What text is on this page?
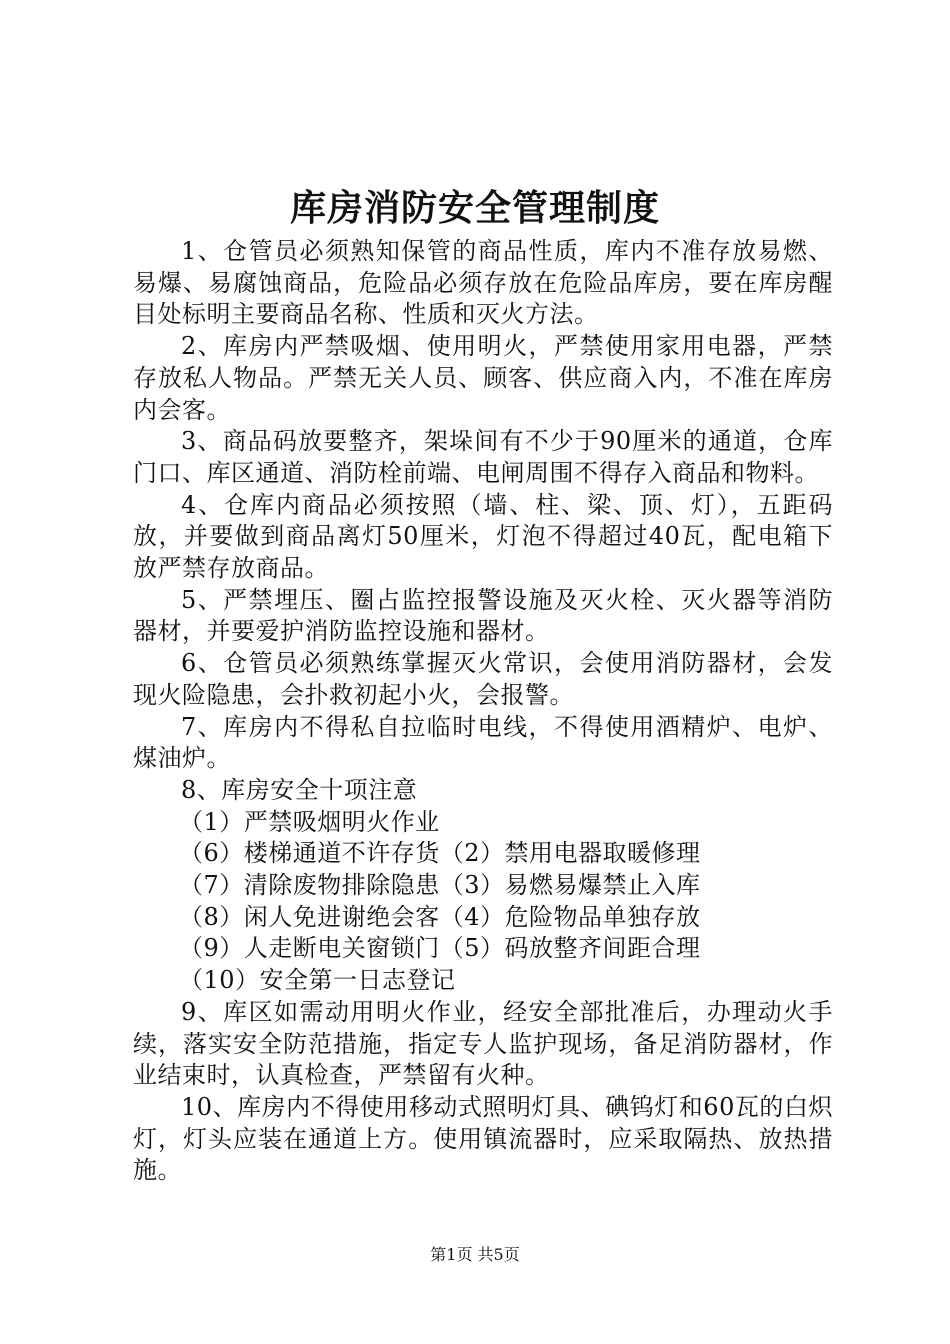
库房消防安全管理制度

1、仓管员必须熟知保管的商品性质，库内不准存放易燃、易爆、易腐蚀商品，危险品必须存放在危险品库房，要在库房醒目处标明主要商品名称、性质和灭火方法。

2、库房内严禁吸烟、使用明火，严禁使用家用电器，严禁存放私人物品。严禁无关人员、顾客、供应商入内，不准在库房内会客。

3、商品码放要整齐，架垛间有不少于90厘米的通道，仓库门口、库区通道、消防栓前端、电闸周围不得存入商品和物料。

4、仓库内商品必须按照（墙、柱、梁、顶、灯），五距码放，并要做到商品离灯50厘米，灯泡不得超过40瓦，配电箱下放严禁存放商品。

5、严禁埋压、圈占监控报警设施及灭火栓、灭火器等消防器材，并要爱护消防监控设施和器材。

6、仓管员必须熟练掌握灭火常识，会使用消防器材，会发现火险隐患，会扑救初起小火，会报警。

7、库房内不得私自拉临时电线，不得使用酒精炉、电炉、煤油炉。

8、库房安全十项注意

（1）严禁吸烟明火作业

（6）楼梯通道不许存货（2）禁用电器取暖修理

（7）清除废物排除隐患（3）易燃易爆禁止入库

（8）闲人免进谢绝会客（4）危险物品单独存放

（9）人走断电关窗锁门（5）码放整齐间距合理

（10）安全第一日志登记

9、库区如需动用明火作业，经安全部批准后，办理动火手续，落实安全防范措施，指定专人监护现场，备足消防器材，作业结束时，认真检查，严禁留有火种。

10、库房内不得使用移动式照明灯具、碘钨灯和60瓦的白炽灯，灯头应装在通道上方。使用镇流器时，应采取隔热、放热措施。

第1页 共5页
